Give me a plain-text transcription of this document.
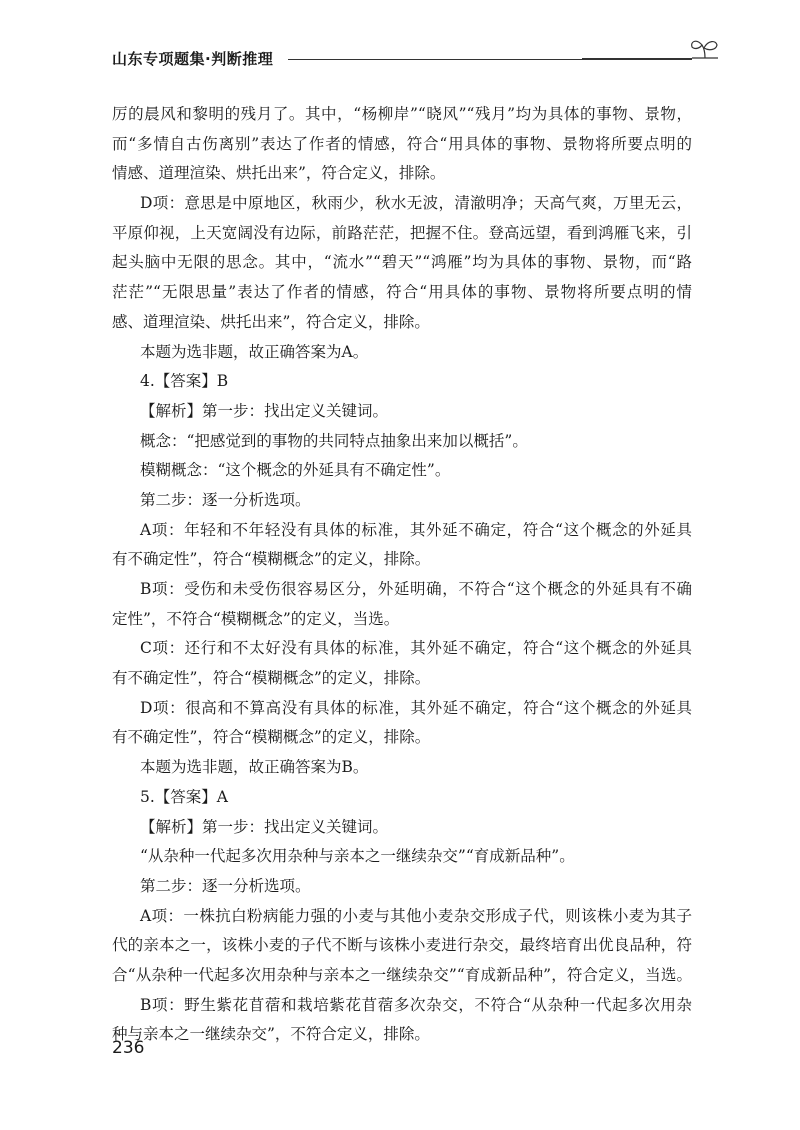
山东专项题集·判断推理
厉的晨风和黎明的残月了。其中，“杨柳岸”“晓风”“残月”均为具体的事物、景物，
而“多情自古伤离别”表达了作者的情感，符合“用具体的事物、景物将所要点明的
情感、道理渲染、烘托出来”，符合定义，排除。
D项：意思是中原地区，秋雨少，秋水无波，清澈明净；天高气爽，万里无云，
平原仰视，上天宽阔没有边际，前路茫茫，把握不住。登高远望，看到鸿雁飞来，引
起头脑中无限的思念。其中，“流水”“碧天”“鸿雁”均为具体的事物、景物，而“路
茫茫”“无限思量”表达了作者的情感，符合“用具体的事物、景物将所要点明的情
感、道理渲染、烘托出来”，符合定义，排除。
本题为选非题，故正确答案为A。
4.【答案】B
【解析】第一步：找出定义关键词。
概念：“把感觉到的事物的共同特点抽象出来加以概括”。
模糊概念：“这个概念的外延具有不确定性”。
第二步：逐一分析选项。
A项：年轻和不年轻没有具体的标准，其外延不确定，符合“这个概念的外延具
有不确定性”，符合“模糊概念”的定义，排除。
B项：受伤和未受伤很容易区分，外延明确，不符合“这个概念的外延具有不确
定性”，不符合“模糊概念”的定义，当选。
C项：还行和不太好没有具体的标准，其外延不确定，符合“这个概念的外延具
有不确定性”，符合“模糊概念”的定义，排除。
D项：很高和不算高没有具体的标准，其外延不确定，符合“这个概念的外延具
有不确定性”，符合“模糊概念”的定义，排除。
本题为选非题，故正确答案为B。
5.【答案】A
【解析】第一步：找出定义关键词。
“从杂种一代起多次用杂种与亲本之一继续杂交”“育成新品种”。
第二步：逐一分析选项。
A项：一株抗白粉病能力强的小麦与其他小麦杂交形成子代，则该株小麦为其子
代的亲本之一，该株小麦的子代不断与该株小麦进行杂交，最终培育出优良品种，符
合“从杂种一代起多次用杂种与亲本之一继续杂交”“育成新品种”，符合定义，当选。
B项：野生紫花苜蓿和栽培紫花苜蓿多次杂交，不符合“从杂种一代起多次用杂
种与亲本之一继续杂交”，不符合定义，排除。
236
